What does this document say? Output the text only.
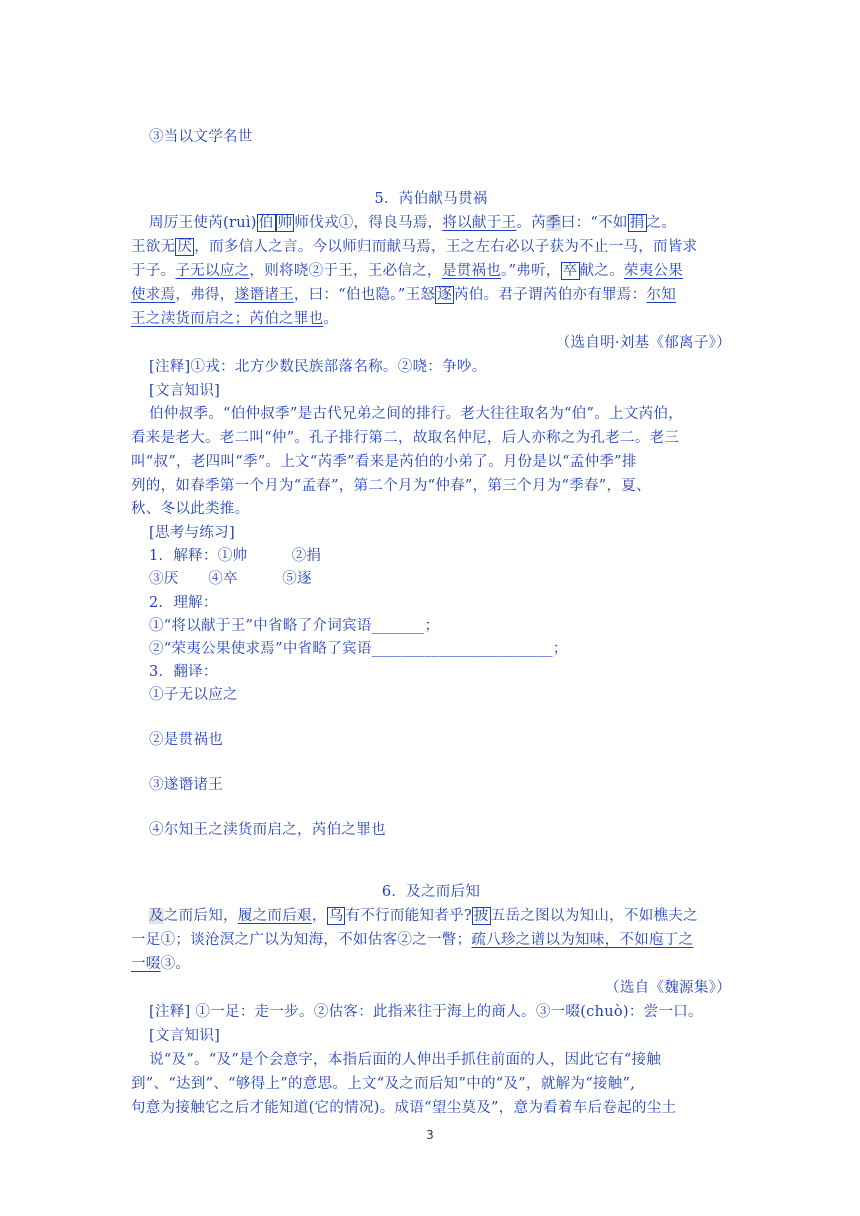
③当以文学名世
5．芮伯献马贯祸
周厉王使芮(ruì) 伯 帅 师伐戎①，得良马焉，将以献于王。芮季曰：“不如 捐 之。
王欲无 厌 ，而多信人之言。今以师归而献马焉，王之左右必以子获为不止一马，而皆求
于子。子无以应之，则将哓②于王，王必信之，是贯祸也。”弗听， 卒 献之。荣夷公果
使求焉，弗得，遂谮诸王，曰：“伯也隐。”王怒 逐 芮伯。君子谓芮伯亦有罪焉：尔知
王之渎货而启之；芮伯之罪也。
（选自明·刘基《郁离子》）
[注释]①戎：北方少数民族部落名称。②哓：争吵。
[文言知识]
伯仲叔季。“伯仲叔季”是古代兄弟之间的排行。老大往往取名为“伯”。上文芮伯，
看来是老大。老二叫“仲”。孔子排行第二，故取名仲尼，后人亦称之为孔老二。老三
叫“叔”，老四叫“季”。上文“芮季”看来是芮伯的小弟了。月份是以“孟仲季”排
列的，如春季第一个月为“孟春”，第二个月为“仲春”，第三个月为“季春”，夏、
秋、冬以此类推。
[思考与练习]
1．解释：①帅　　　②捐
③厌　　④卒　　　⑤逐
2．理解：
①“将以献于王”中省略了介词宾语_______；
②“荣夷公果使求焉”中省略了宾语________________________；
3．翻译：
①子无以应之
②是贯祸也
③遂谮诸王
④尔知王之渎货而启之，芮伯之罪也
6．及之而后知
及之而后知，履之而后艰， 乌 有不行而能知者乎? 披 五岳之图以为知山，不如樵夫之
一足①；谈沧溟之广以为知海，不如估客②之一瞥；疏八珍之谱以为知味，不如庖丁之
一啜③。
（选自《魏源集》）
[注释] ①一足：走一步。②估客：此指来往于海上的商人。③一啜(chuò)：尝一口。
[文言知识]
说“及”。“及”是个会意字，本指后面的人伸出手抓住前面的人，因此它有“接触
到”、“达到”、“够得上”的意思。上文“及之而后知”中的“及”，就解为“接触”,
句意为接触它之后才能知道(它的情况)。成语“望尘莫及”，意为看着车后卷起的尘土
3
